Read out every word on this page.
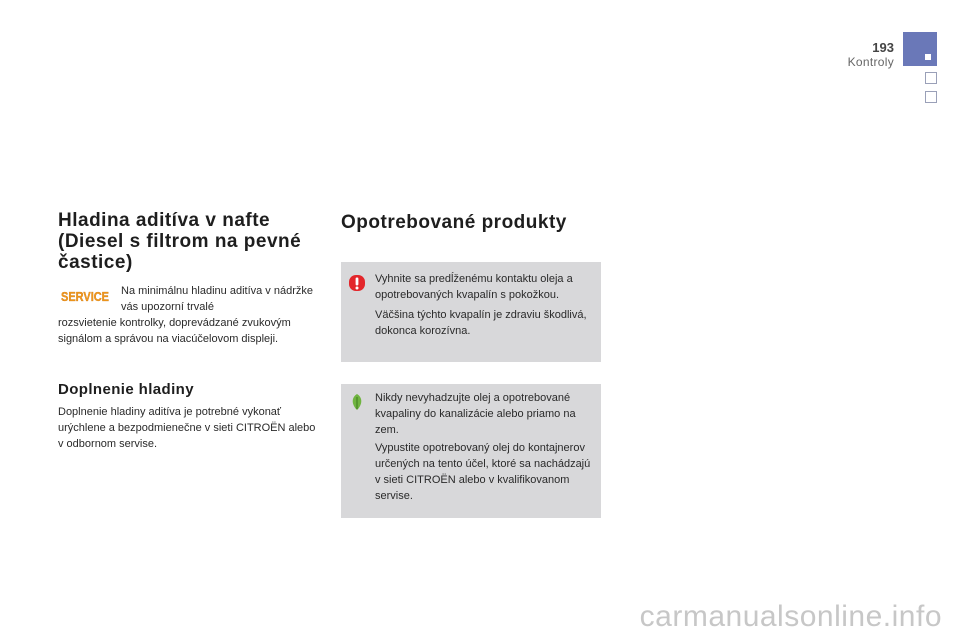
193
Kontroly
Hladina aditíva v nafte (Diesel s filtrom na pevné častice)
SERVICE Na minimálnu hladinu aditíva v nádržke vás upozorní trvalé

rozsvietenie kontrolky, doprevádzané zvukovým signálom a správou na viacúčelovom displeji.

Doplnenie hladiny

Doplnenie hladiny aditíva je potrebné vykonať urýchlene a bezpodmienečne v sieti CITROËN alebo v odbornom servise.

Opotrebované produkty

Vyhnite sa predĺženému kontaktu oleja a opotrebovaných kvapalín s pokožkou.
Väčšina týchto kvapalín je zdraviu škodlivá, dokonca korozívna.

Nikdy nevyhadzujte olej a opotrebované kvapaliny do kanalizácie alebo priamo na zem.
Vypustite opotrebovaný olej do kontajnerov určených na tento účel, ktoré sa nachádzajú v sieti CITROËN alebo v kvalifikovanom servise.

carmanualsonline.info
